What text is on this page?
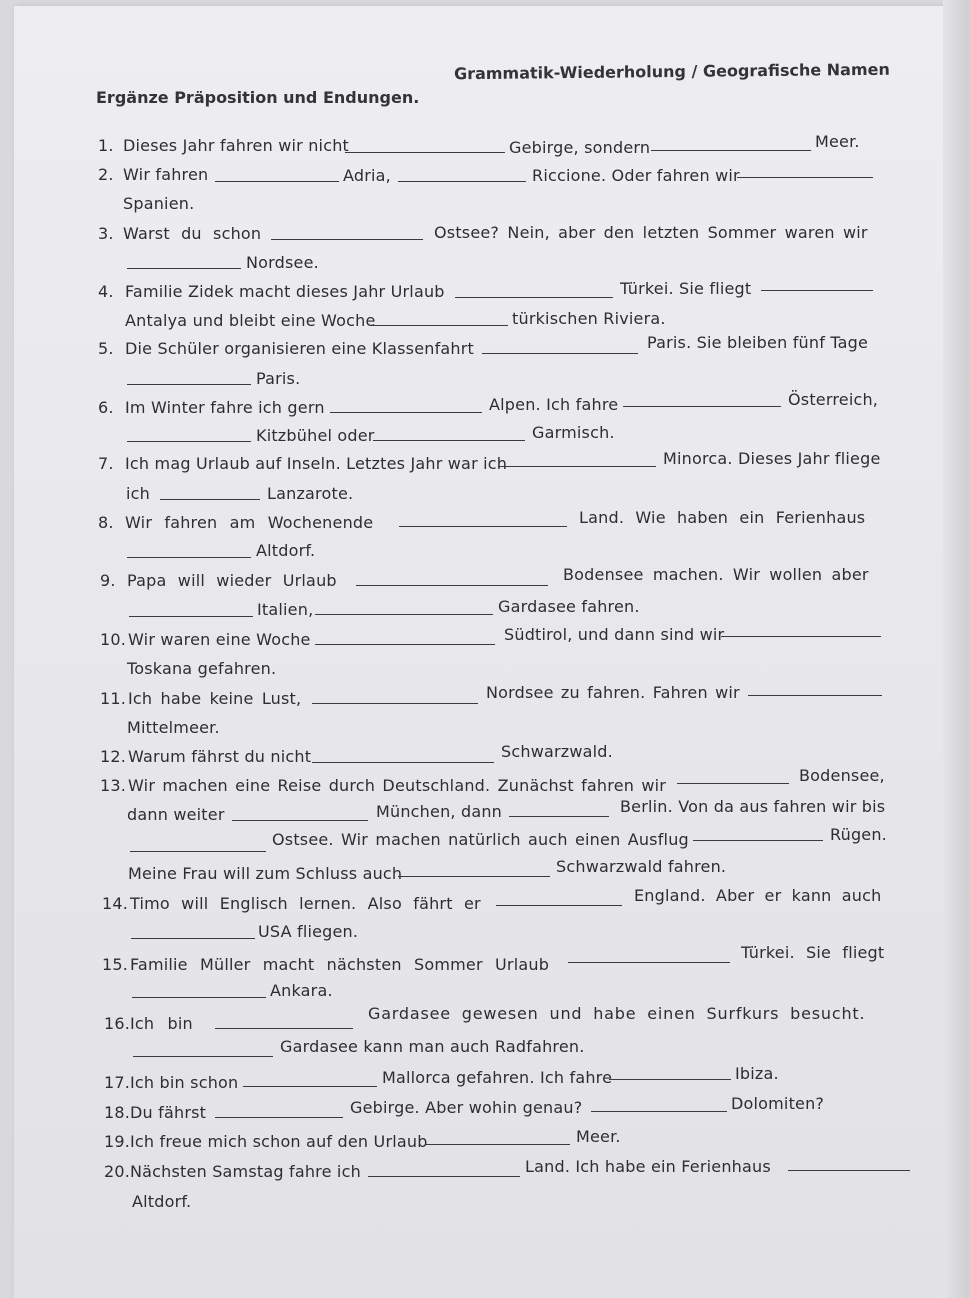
Grammatik-Wiederholung / Geografische Namen
Ergänze Präposition und Endungen.
1. Dieses Jahr fahren wir nicht	Gebirge, sondern	Meer.
2. Wir fahren	Adria,	Riccione. Oder fahren wir
Spanien.
3. Warst du schon	Ostsee? Nein, aber den letzten Sommer waren wir
Nordsee.
4. Familie Zidek macht dieses Jahr Urlaub	Türkei. Sie fliegt
Antalya und bleibt eine Woche	türkischen Riviera.
5. Die Schüler organisieren eine Klassenfahrt	Paris. Sie bleiben fünf Tage
Paris.
6. Im Winter fahre ich gern	Alpen. Ich fahre	Österreich,
Kitzbühel oder	Garmisch.
7. Ich mag Urlaub auf Inseln. Letztes Jahr war ich	Minorca. Dieses Jahr fliege
ich	Lanzarote.
8. Wir fahren am Wochenende	Land. Wie haben ein Ferienhaus
Altdorf.
9. Papa will wieder Urlaub	Bodensee machen. Wir wollen aber
Italien,	Gardasee fahren.
10. Wir waren eine Woche	Südtirol, und dann sind wir
Toskana gefahren.
11. Ich habe keine Lust,	Nordsee zu fahren. Fahren wir
Mittelmeer.
12. Warum fährst du nicht	Schwarzwald.
13. Wir machen eine Reise durch Deutschland. Zunächst fahren wir
Bodensee,
dann weiter	München, dann	Berlin. Von da aus fahren wir bis
Ostsee. Wir machen natürlich auch einen Ausflug	Rügen.
Meine Frau will zum Schluss auch	Schwarzwald fahren.
14. Timo will Englisch lernen. Also fährt er	England. Aber er kann auch
USA fliegen.
15. Familie Müller macht nächsten Sommer Urlaub
Türkei. Sie fliegt
Ankara.
16. Ich bin
Gardasee gewesen und habe einen Surfkurs besucht.
Gardasee kann man auch Radfahren.
17. Ich bin schon	Mallorca gefahren. Ich fahre	Ibiza.
18. Du fährst	Gebirge. Aber wohin genau?	Dolomiten?
19. Ich freue mich schon auf den Urlaub	Meer.
20. Nächsten Samstag fahre ich	Land. Ich habe ein Ferienhaus
Altdorf.
